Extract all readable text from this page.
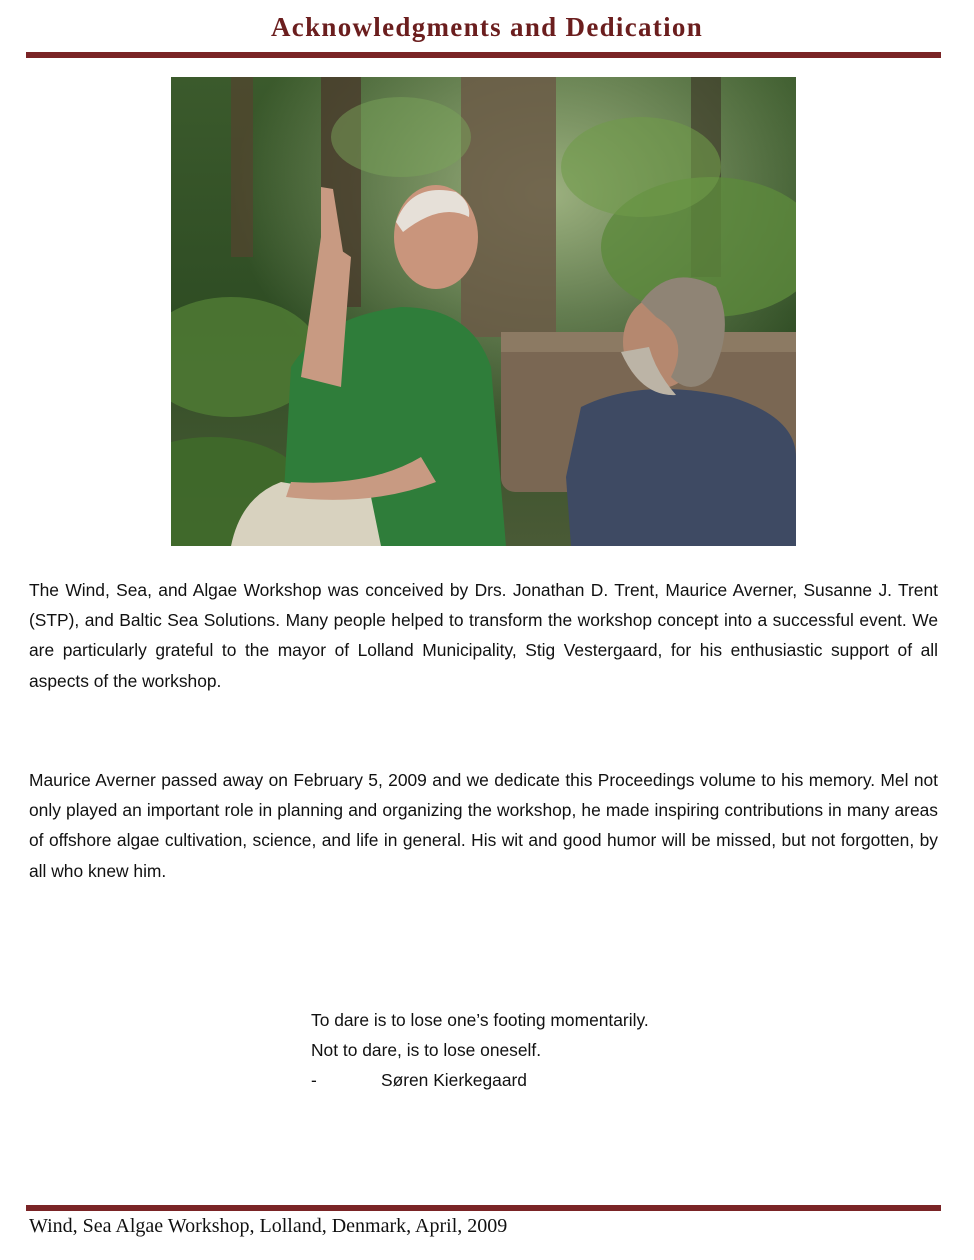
Acknowledgments and Dedication

The Wind, Sea, and Algae Workshop was conceived by Drs. Jonathan D. Trent, Maurice Averner, Susanne J. Trent (STP), and Baltic Sea Solutions. Many people helped to transform the workshop concept into a successful event. We are particularly grateful to the mayor of Lolland Municipality, Stig Vestergaard, for his enthusiastic support of all aspects of the workshop.

Maurice Averner passed away on February 5, 2009 and we dedicate this Proceedings volume to his memory. Mel not only played an important role in planning and organizing the workshop, he made inspiring contributions in many areas of offshore algae cultivation, science, and life in general. His wit and good humor will be missed, but not forgotten, by all who knew him.

To dare is to lose one’s footing momentarily.
Not to dare, is to lose oneself.
-	Søren Kierkegaard
Wind, Sea Algae Workshop, Lolland, Denmark, April, 2009
